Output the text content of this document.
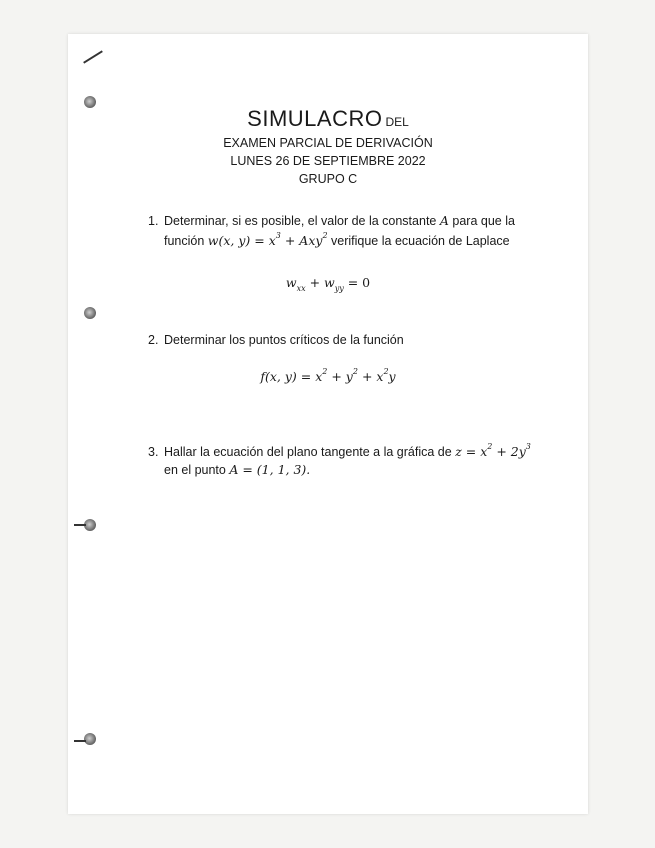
SIMULACRO DEL
EXAMEN PARCIAL DE DERIVACIÓN
LUNES 26 DE SEPTIEMBRE 2022
GRUPO C
1. Determinar, si es posible, el valor de la constante A para que la
función w(x, $y) = x^3 + Axy^2$ verifique la ecuación de Laplace
$w_{xx} + w_{yy} = 0$
2. Determinar los puntos críticos de la función
f(x, $y) = x^2 + y^2 + x^2y$
3. Hallar la ecuación del plano tangente a la gráfica de $z = x^2 + 2y^3$
en el punto A = (1, 1, 3).
